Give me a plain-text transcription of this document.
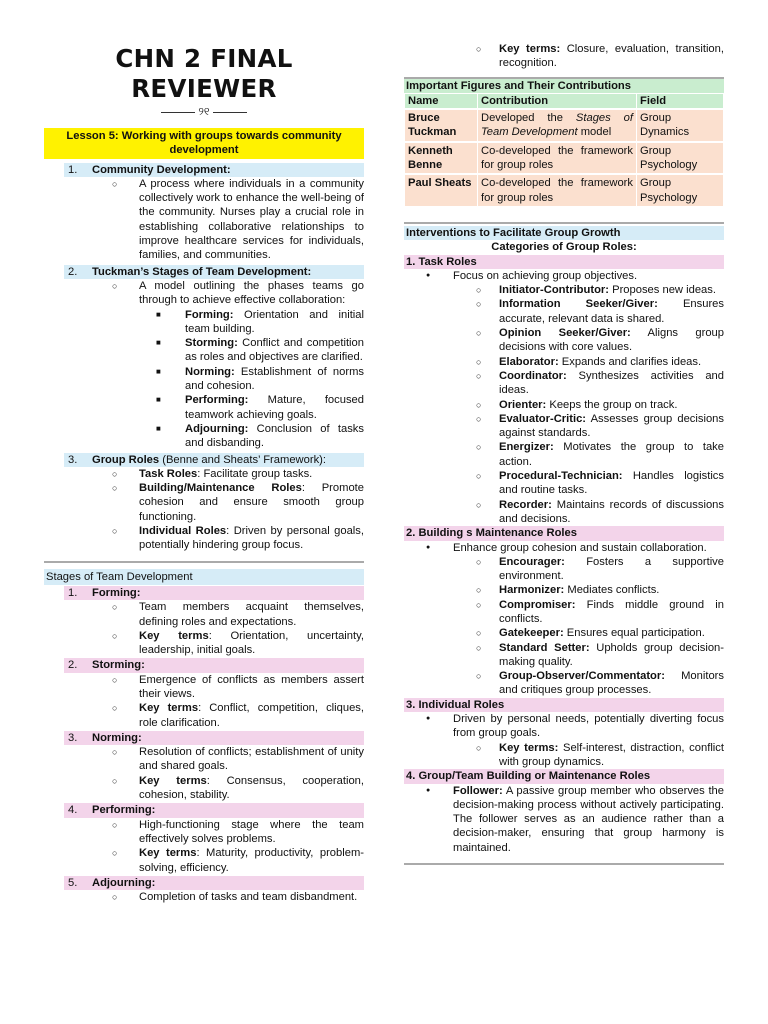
CHN 2 FINAL REVIEWER
୨୧
Lesson 5: Working with groups towards community development
1.	Community Development:
○	A process where individuals in a community collectively work to enhance the well-being of the community. Nurses play a crucial role in establishing collaborative relationships to improve healthcare services for individuals, families, and communities.
2.	Tuckman’s Stages of Team Development:
○	A model outlining the phases teams go through to achieve effective collaboration:
■	Forming: Orientation and initial team building.
■	Storming: Conflict and competition as roles and objectives are clarified.
■	Norming: Establishment of norms and cohesion.
■	Performing: Mature, focused teamwork achieving goals.
■	Adjourning: Conclusion of tasks and disbanding.
3.	Group Roles (Benne and Sheats’ Framework):
○	Task Roles: Facilitate group tasks.
○	Building/Maintenance Roles: Promote cohesion and ensure smooth group functioning.
○	Individual Roles: Driven by personal goals, potentially hindering group focus.
Stages of Team Development
1.	Forming:
○	Team members acquaint themselves, defining roles and expectations.
○	Key terms: Orientation, uncertainty, leadership, initial goals.
2.	Storming:
○	Emergence of conflicts as members assert their views.
○	Key terms: Conflict, competition, cliques, role clarification.
3.	Norming:
○	Resolution of conflicts; establishment of unity and shared goals.
○	Key terms: Consensus, cooperation, cohesion, stability.
4.	Performing:
○	High-functioning stage where the team effectively solves problems.
○	Key terms: Maturity, productivity, problem-solving, efficiency.
5.	Adjourning:
○	Completion of tasks and team disbandment.
○	Key terms: Closure, evaluation, transition, recognition.
Important Figures and Their Contributions
Name	Contribution	Field
Bruce Tuckman	Developed the Stages of Team Development model	Group Dynamics
Kenneth Benne	Co-developed the framework for group roles	Group Psychology
Paul Sheats	Co-developed the framework for group roles	Group Psychology
Interventions to Facilitate Group Growth
Categories of Group Roles:
1. Task Roles
●	Focus on achieving group objectives.
○	Initiator-Contributor: Proposes new ideas.
○	Information Seeker/Giver: Ensures accurate, relevant data is shared.
○	Opinion Seeker/Giver: Aligns group decisions with core values.
○	Elaborator: Expands and clarifies ideas.
○	Coordinator: Synthesizes activities and ideas.
○	Orienter: Keeps the group on track.
○	Evaluator-Critic: Assesses group decisions against standards.
○	Energizer: Motivates the group to take action.
○	Procedural-Technician: Handles logistics and routine tasks.
○	Recorder: Maintains records of discussions and decisions.
2. Building s Maintenance Roles
●	Enhance group cohesion and sustain collaboration.
○	Encourager: Fosters a supportive environment.
○	Harmonizer: Mediates conflicts.
○	Compromiser: Finds middle ground in conflicts.
○	Gatekeeper: Ensures equal participation.
○	Standard Setter: Upholds group decision-making quality.
○	Group-Observer/Commentator: Monitors and critiques group processes.
3. Individual Roles
●	Driven by personal needs, potentially diverting focus from group goals.
○	Key terms: Self-interest, distraction, conflict with group dynamics.
4. Group/Team Building or Maintenance Roles
●	Follower: A passive group member who observes the decision-making process without actively participating. The follower serves as an audience rather than a decision-maker, ensuring that group harmony is maintained.
